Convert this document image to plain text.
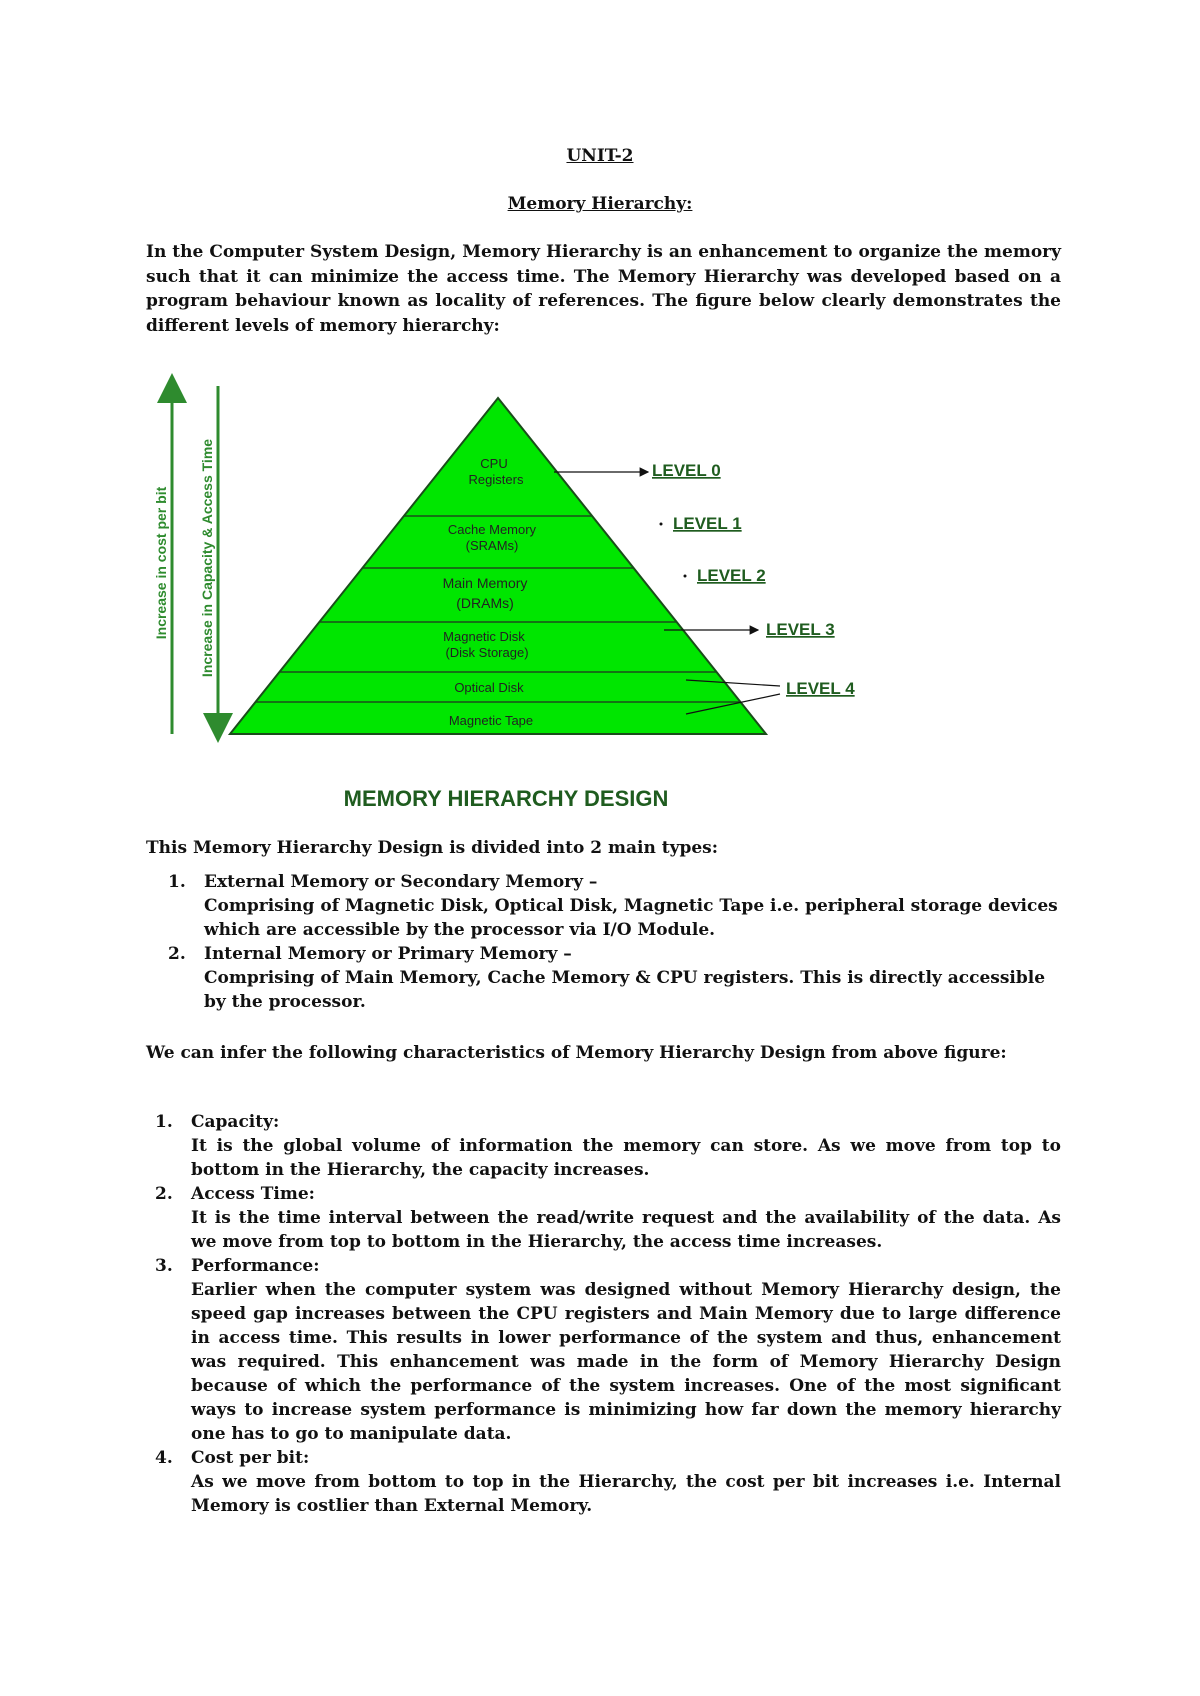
UNIT-2
Memory Hierarchy:

In the Computer System Design, Memory Hierarchy is an enhancement to organize the memory such that it can minimize the access time. The Memory Hierarchy was developed based on a program behaviour known as locality of references. The figure below clearly demonstrates the different levels of memory hierarchy:

Increase in cost per bit Increase in Capacity & Access Time	CPU
Registers
Cache Memory
(SRAMs)
Main Memory
(DRAMs)
Magnetic Disk
(Disk Storage)
Optical Disk
Magnetic Tape
LEVEL 0
LEVEL 1
LEVEL 2
LEVEL 3
LEVEL 4
MEMORY HIERARCHY DESIGN

This Memory Hierarchy Design is divided into 2 main types:

1. External Memory or Secondary Memory –
Comprising of Magnetic Disk, Optical Disk, Magnetic Tape i.e. peripheral storage devices which are accessible by the processor via I/O Module.
2. Internal Memory or Primary Memory –
Comprising of Main Memory, Cache Memory & CPU registers. This is directly accessible by the processor.

We can infer the following characteristics of Memory Hierarchy Design from above figure:

1. Capacity:
It is the global volume of information the memory can store. As we move from top to bottom in the Hierarchy, the capacity increases.
2. Access Time:
It is the time interval between the read/write request and the availability of the data. As we move from top to bottom in the Hierarchy, the access time increases.
3. Performance:
Earlier when the computer system was designed without Memory Hierarchy design, the speed gap increases between the CPU registers and Main Memory due to large difference in access time. This results in lower performance of the system and thus, enhancement was required. This enhancement was made in the form of Memory Hierarchy Design because of which the performance of the system increases. One of the most significant ways to increase system performance is minimizing how far down the memory hierarchy one has to go to manipulate data.
4. Cost per bit:
As we move from bottom to top in the Hierarchy, the cost per bit increases i.e. Internal Memory is costlier than External Memory.
